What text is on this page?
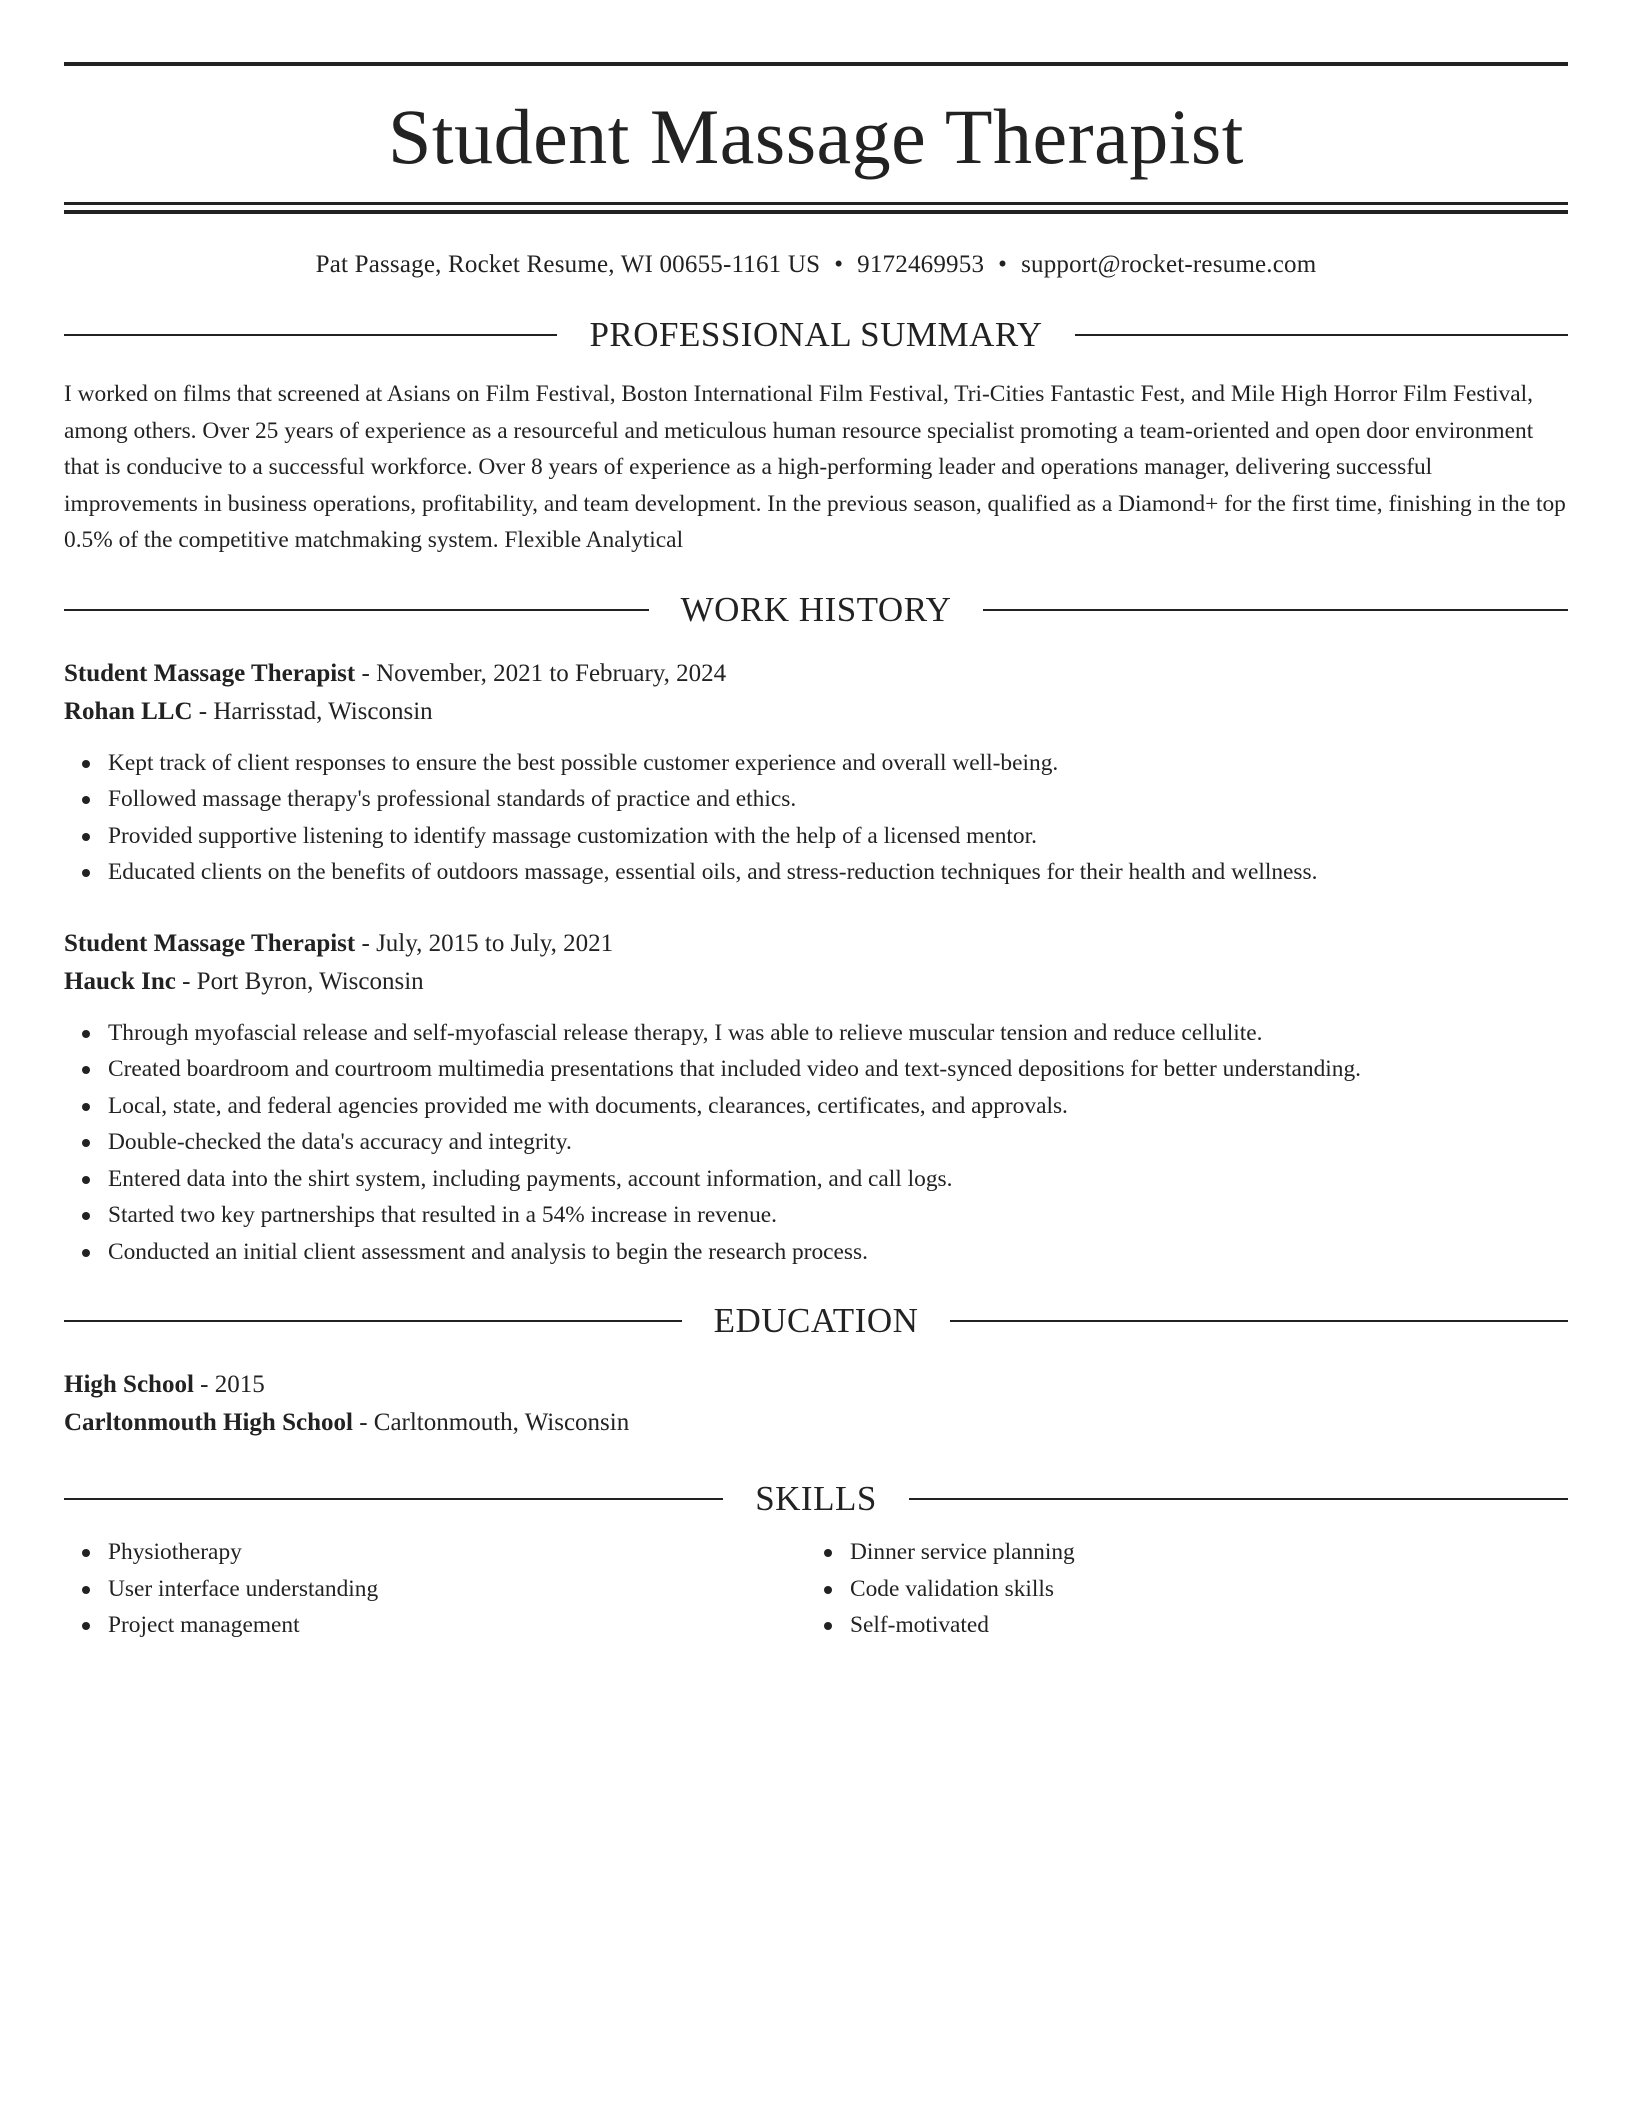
Student Massage Therapist
Pat Passage, Rocket Resume, WI 00655-1161 US • 9172469953 • support@rocket-resume.com
PROFESSIONAL SUMMARY
I worked on films that screened at Asians on Film Festival, Boston International Film Festival, Tri-Cities Fantastic Fest, and Mile High Horror Film Festival, among others. Over 25 years of experience as a resourceful and meticulous human resource specialist promoting a team-oriented and open door environment that is conducive to a successful workforce. Over 8 years of experience as a high-performing leader and operations manager, delivering successful improvements in business operations, profitability, and team development. In the previous season, qualified as a Diamond+ for the first time, finishing in the top 0.5% of the competitive matchmaking system. Flexible Analytical
WORK HISTORY
Student Massage Therapist - November, 2021 to February, 2024
Rohan LLC - Harrisstad, Wisconsin
Kept track of client responses to ensure the best possible customer experience and overall well-being.
Followed massage therapy's professional standards of practice and ethics.
Provided supportive listening to identify massage customization with the help of a licensed mentor.
Educated clients on the benefits of outdoors massage, essential oils, and stress-reduction techniques for their health and wellness.
Student Massage Therapist - July, 2015 to July, 2021
Hauck Inc - Port Byron, Wisconsin
Through myofascial release and self-myofascial release therapy, I was able to relieve muscular tension and reduce cellulite.
Created boardroom and courtroom multimedia presentations that included video and text-synced depositions for better understanding.
Local, state, and federal agencies provided me with documents, clearances, certificates, and approvals.
Double-checked the data's accuracy and integrity.
Entered data into the shirt system, including payments, account information, and call logs.
Started two key partnerships that resulted in a 54% increase in revenue.
Conducted an initial client assessment and analysis to begin the research process.
EDUCATION
High School - 2015
Carltonmouth High School - Carltonmouth, Wisconsin
SKILLS
Physiotherapy
User interface understanding
Project management
Dinner service planning
Code validation skills
Self-motivated
